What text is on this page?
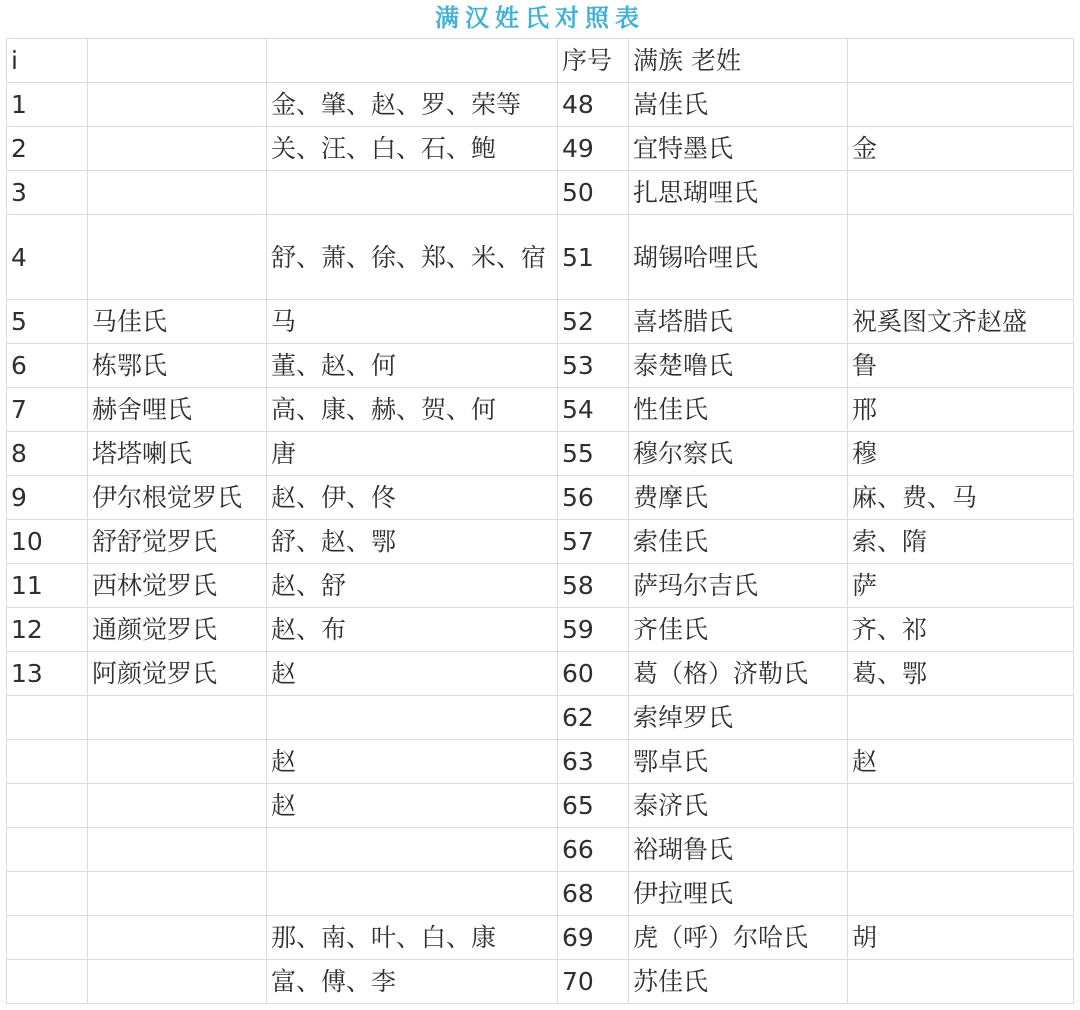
满汉姓氏对照表
i			序号	满族 老姓	
1		金、肇、赵、罗、荣等	48	嵩佳氏	
2		关、汪、白、石、鲍	49	宜特墨氏	金
3			50	扎思瑚哩氏	
4		舒、萧、徐、郑、米、宿	51	瑚锡哈哩氏	
5	马佳氏	马	52	喜塔腊氏	祝奚图文齐赵盛
6	栋鄂氏	董、赵、何	53	泰楚噜氏	鲁
7	赫舍哩氏	高、康、赫、贺、何	54	性佳氏	邢
8	塔塔喇氏	唐	55	穆尔察氏	穆
9	伊尔根觉罗氏	赵、伊、佟	56	费摩氏	麻、费、马
10	舒舒觉罗氏	舒、赵、鄂	57	索佳氏	索、隋
11	西林觉罗氏	赵、舒	58	萨玛尔吉氏	萨
12	通颜觉罗氏	赵、布	59	齐佳氏	齐、祁
13	阿颜觉罗氏	赵	60	葛（格）济勒氏	葛、鄂
			62	索绰罗氏	
		赵	63	鄂卓氏	赵
		赵	65	泰济氏	
			66	裕瑚鲁氏	
			68	伊拉哩氏	
		那、南、叶、白、康	69	虎（呼）尔哈氏	胡
		富、傅、李	70	苏佳氏	
